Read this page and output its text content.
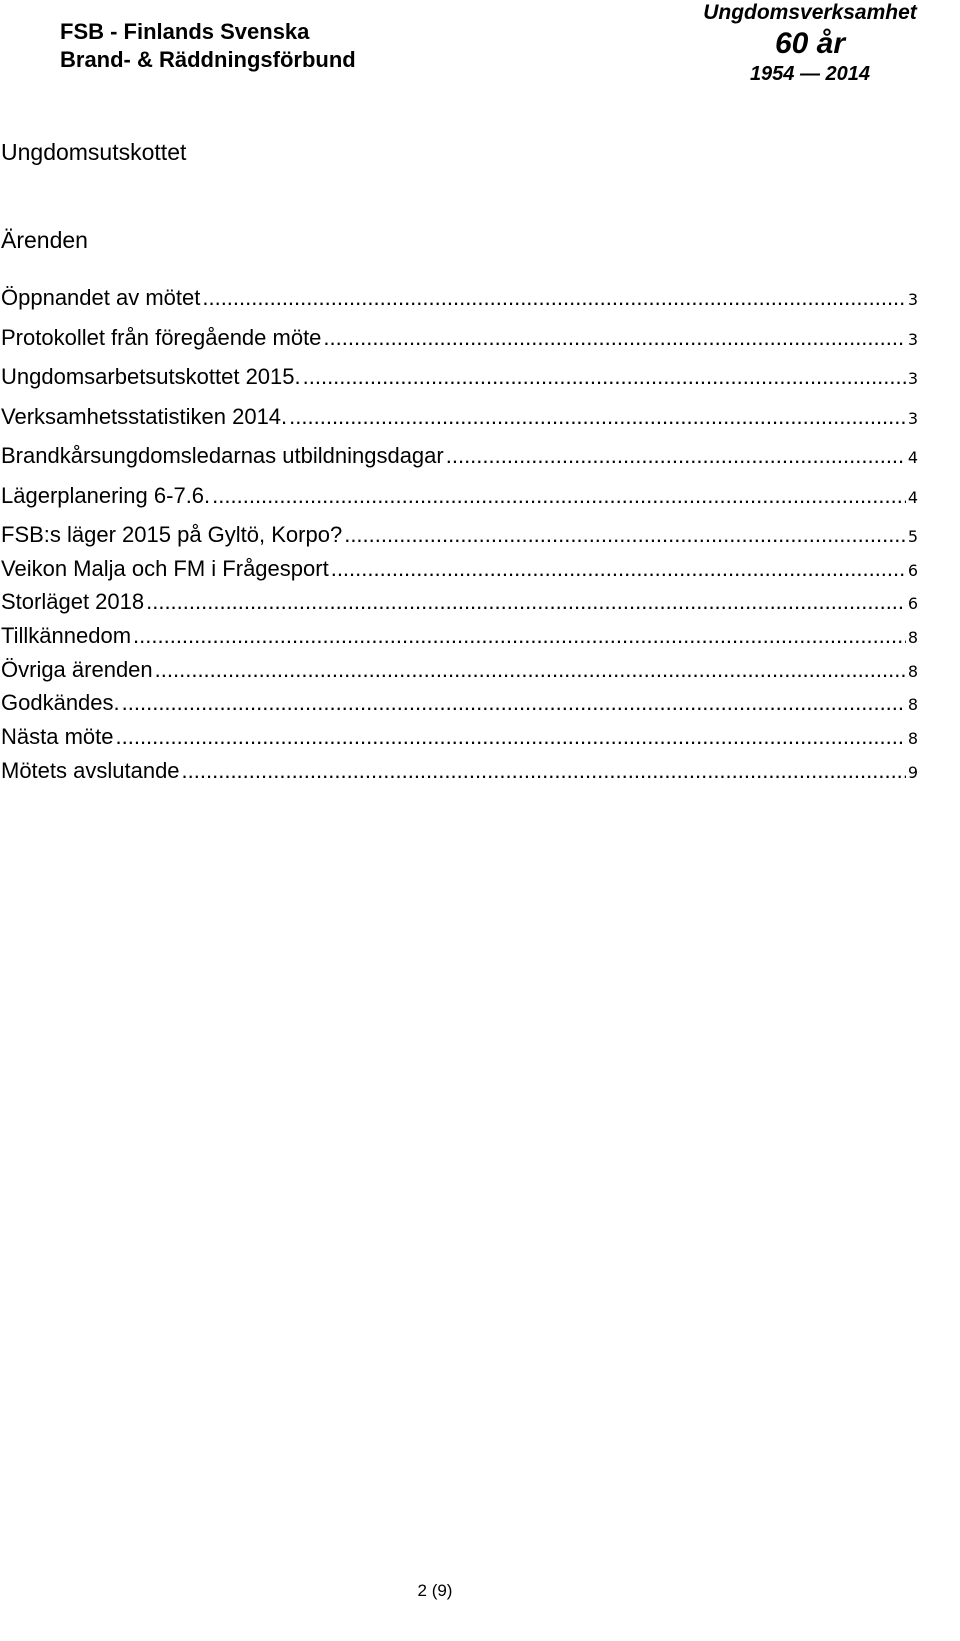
FSB - Finlands Svenska
Brand- & Räddningsförbund
Ungdomsverksamhet
60 år
1954 — 2014
Ungdomsutskottet
Ärenden
Öppnandet av mötet .....	3
Protokollet från föregående möte .....	3
Ungdomsarbetsutskottet 2015. .....	3
Verksamhetsstatistiken 2014. .....	3
Brandkårsungdomsledarnas utbildningsdagar .....	4
Lägerplanering 6-7.6. .....	4
FSB:s läger 2015 på Gyltö, Korpo? .....	5
Veikon Malja och FM i Frågesport .....	6
Storläget 2018 .....	6
Tillkännedom .....	8
Övriga ärenden .....	8
Godkändes. .....	8
Nästa möte .....	8
Mötets avslutande .....	9
2 (9)
